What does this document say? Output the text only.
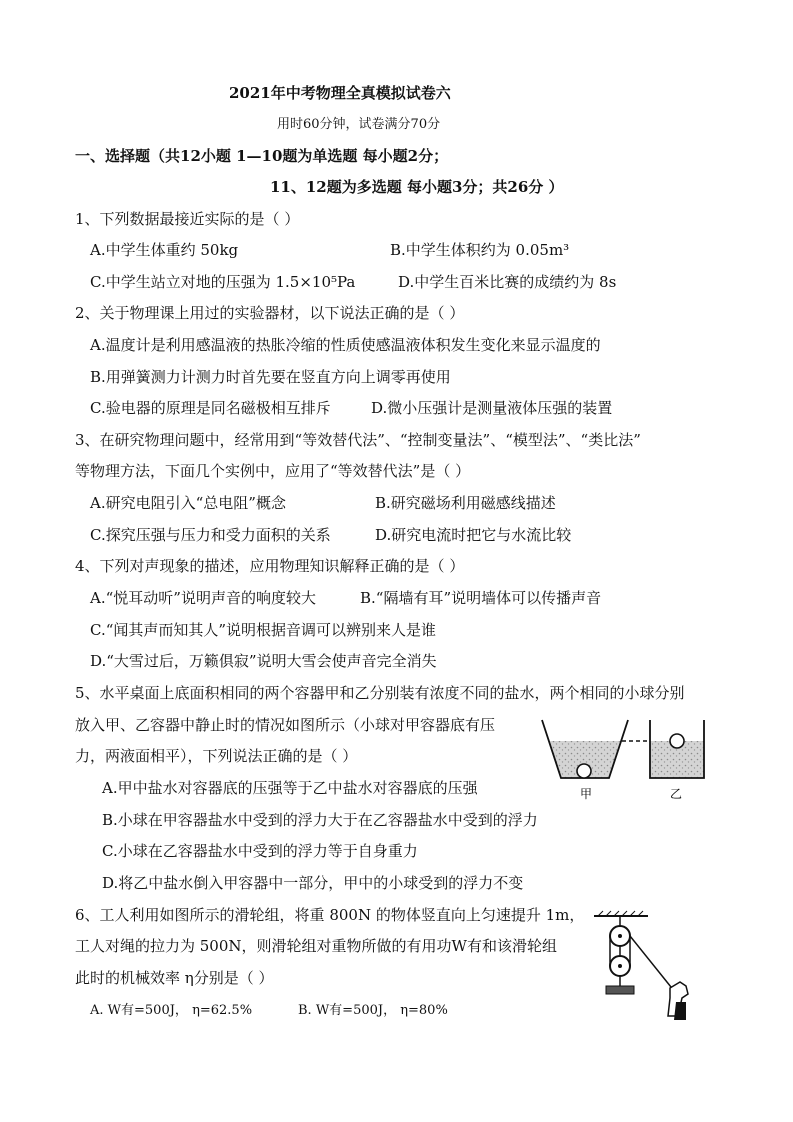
2021年中考物理全真模拟试卷六
用时60分钟，试卷满分70分
一、选择题（共12小题 1—10题为单选题 每小题2分；
11、12题为多选题 每小题3分；共26分 ）
1、下列数据最接近实际的是（ ）
A.中学生体重约 50kg	B.中学生体积约为 0.05m³
C.中学生站立对地的压强为 1.5×10⁵Pa	D.中学生百米比赛的成绩约为 8s
2、关于物理课上用过的实验器材，以下说法正确的是（ ）
A.温度计是利用感温液的热胀冷缩的性质使感温液体积发生变化来显示温度的
B.用弹簧测力计测力时首先要在竖直方向上调零再使用
C.验电器的原理是同名磁极相互排斥	D.微小压强计是测量液体压强的装置
3、在研究物理问题中，经常用到“等效替代法”、“控制变量法”、“模型法”、“类比法”
等物理方法，下面几个实例中，应用了“等效替代法”是（ ）
A.研究电阻引入“总电阻”概念	B.研究磁场利用磁感线描述
C.探究压强与压力和受力面积的关系	D.研究电流时把它与水流比较
4、下列对声现象的描述，应用物理知识解释正确的是（ ）
A.“悦耳动听”说明声音的响度较大	B.“隔墙有耳”说明墙体可以传播声音
C.“闻其声而知其人”说明根据音调可以辨别来人是谁
D.“大雪过后，万籁俱寂”说明大雪会使声音完全消失
5、水平桌面上底面积相同的两个容器甲和乙分别装有浓度不同的盐水，两个相同的小球分别
放入甲、乙容器中静止时的情况如图所示（小球对甲容器底有压
力，两液面相平），下列说法正确的是（ ）
A.甲中盐水对容器底的压强等于乙中盐水对容器底的压强
B.小球在甲容器盐水中受到的浮力大于在乙容器盐水中受到的浮力
C.小球在乙容器盐水中受到的浮力等于自身重力
D.将乙中盐水倒入甲容器中一部分，甲中的小球受到的浮力不变
甲	乙
6、工人利用如图所示的滑轮组，将重 800N 的物体竖直向上匀速提升 1m，
工人对绳的拉力为 500N，则滑轮组对重物所做的有用功W有和该滑轮组
此时的机械效率 η分别是（ ）
A. W有=500J， η=62.5%	B. W有=500J， η=80%
